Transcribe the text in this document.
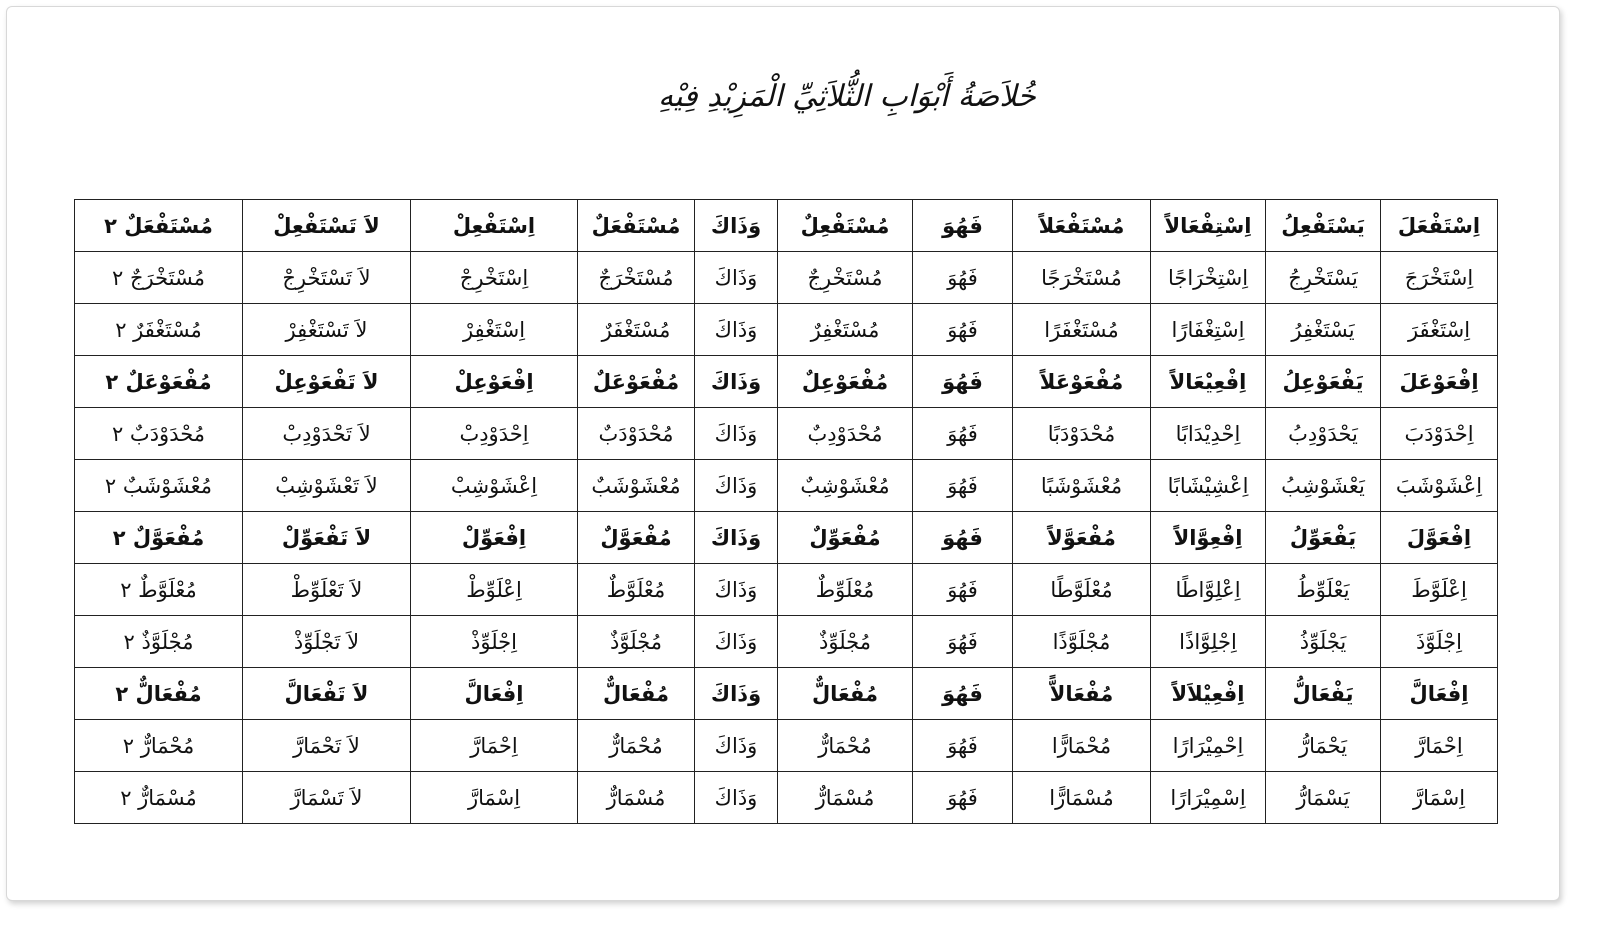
خُلاَصَةُ أَبْوَابِ الثُّلاَثِيِّ الْمَزِيْدِ فِيْهِ
اِسْتَفْعَلَ	يَسْتَفْعِلُ	اِسْتِفْعَالاً	مُسْتَفْعَلاً	فَهُوَ	مُسْتَفْعِلٌ	وَذَاكَ	مُسْتَفْعَلٌ	اِسْتَفْعِلْ	لاَ تَسْتَفْعِلْ	مُسْتَفْعَلٌ ٢
اِسْتَخْرَجَ	يَسْتَخْرِجُ	اِسْتِخْرَاجًا	مُسْتَخْرَجًا	فَهُوَ	مُسْتَخْرِجٌ	وَذَاكَ	مُسْتَخْرَجٌ	اِسْتَخْرِجْ	لاَ تَسْتَخْرِجْ	مُسْتَخْرَجٌ ٢
اِسْتَغْفَرَ	يَسْتَغْفِرُ	اِسْتِغْفَارًا	مُسْتَغْفَرًا	فَهُوَ	مُسْتَغْفِرٌ	وَذَاكَ	مُسْتَغْفَرٌ	اِسْتَغْفِرْ	لاَ تَسْتَغْفِرْ	مُسْتَغْفَرٌ ٢
اِفْعَوْعَلَ	يَفْعَوْعِلُ	اِفْعِيْعَالاً	مُفْعَوْعَلاً	فَهُوَ	مُفْعَوْعِلٌ	وَذَاكَ	مُفْعَوْعَلٌ	اِفْعَوْعِلْ	لاَ تَفْعَوْعِلْ	مُفْعَوْعَلٌ ٢
اِحْدَوْدَبَ	يَحْدَوْدِبُ	اِحْدِيْدَابًا	مُحْدَوْدَبًا	فَهُوَ	مُحْدَوْدِبٌ	وَذَاكَ	مُحْدَوْدَبٌ	اِحْدَوْدِبْ	لاَ تَحْدَوْدِبْ	مُحْدَوْدَبٌ ٢
اِعْشَوْشَبَ	يَعْشَوْشِبُ	اِعْشِيْشَابًا	مُعْشَوْشَبًا	فَهُوَ	مُعْشَوْشِبٌ	وَذَاكَ	مُعْشَوْشَبٌ	اِعْشَوْشِبْ	لاَ تَعْشَوْشِبْ	مُعْشَوْشَبٌ ٢
اِفْعَوَّلَ	يَفْعَوِّلُ	اِفْعِوَّالاً	مُفْعَوَّلاً	فَهُوَ	مُفْعَوِّلٌ	وَذَاكَ	مُفْعَوَّلٌ	اِفْعَوِّلْ	لاَ تَفْعَوِّلْ	مُفْعَوَّلٌ ٢
اِعْلَوَّطَ	يَعْلَوِّطُ	اِعْلِوَّاطًا	مُعْلَوَّطًا	فَهُوَ	مُعْلَوِّطٌ	وَذَاكَ	مُعْلَوَّطٌ	اِعْلَوِّطْ	لاَ تَعْلَوِّطْ	مُعْلَوَّطٌ ٢
اِجْلَوَّذَ	يَجْلَوِّذُ	اِجْلِوَّاذًا	مُجْلَوَّذًا	فَهُوَ	مُجْلَوِّذٌ	وَذَاكَ	مُجْلَوَّذٌ	اِجْلَوِّذْ	لاَ تَجْلَوِّذْ	مُجْلَوَّذٌ ٢
اِفْعَالَّ	يَفْعَالُّ	اِفْعِيْلاَلاً	مُفْعَالاًّ	فَهُوَ	مُفْعَالٌّ	وَذَاكَ	مُفْعَالٌّ	اِفْعَالَّ	لاَ تَفْعَالَّ	مُفْعَالٌّ ٢
اِحْمَارَّ	يَحْمَارُّ	اِحْمِيْرَارًا	مُحْمَارًّا	فَهُوَ	مُحْمَارٌّ	وَذَاكَ	مُحْمَارٌّ	اِحْمَارَّ	لاَ تَحْمَارَّ	مُحْمَارٌّ ٢
اِسْمَارَّ	يَسْمَارُّ	اِسْمِيْرَارًا	مُسْمَارًّا	فَهُوَ	مُسْمَارٌّ	وَذَاكَ	مُسْمَارٌّ	اِسْمَارَّ	لاَ تَسْمَارَّ	مُسْمَارٌّ ٢
